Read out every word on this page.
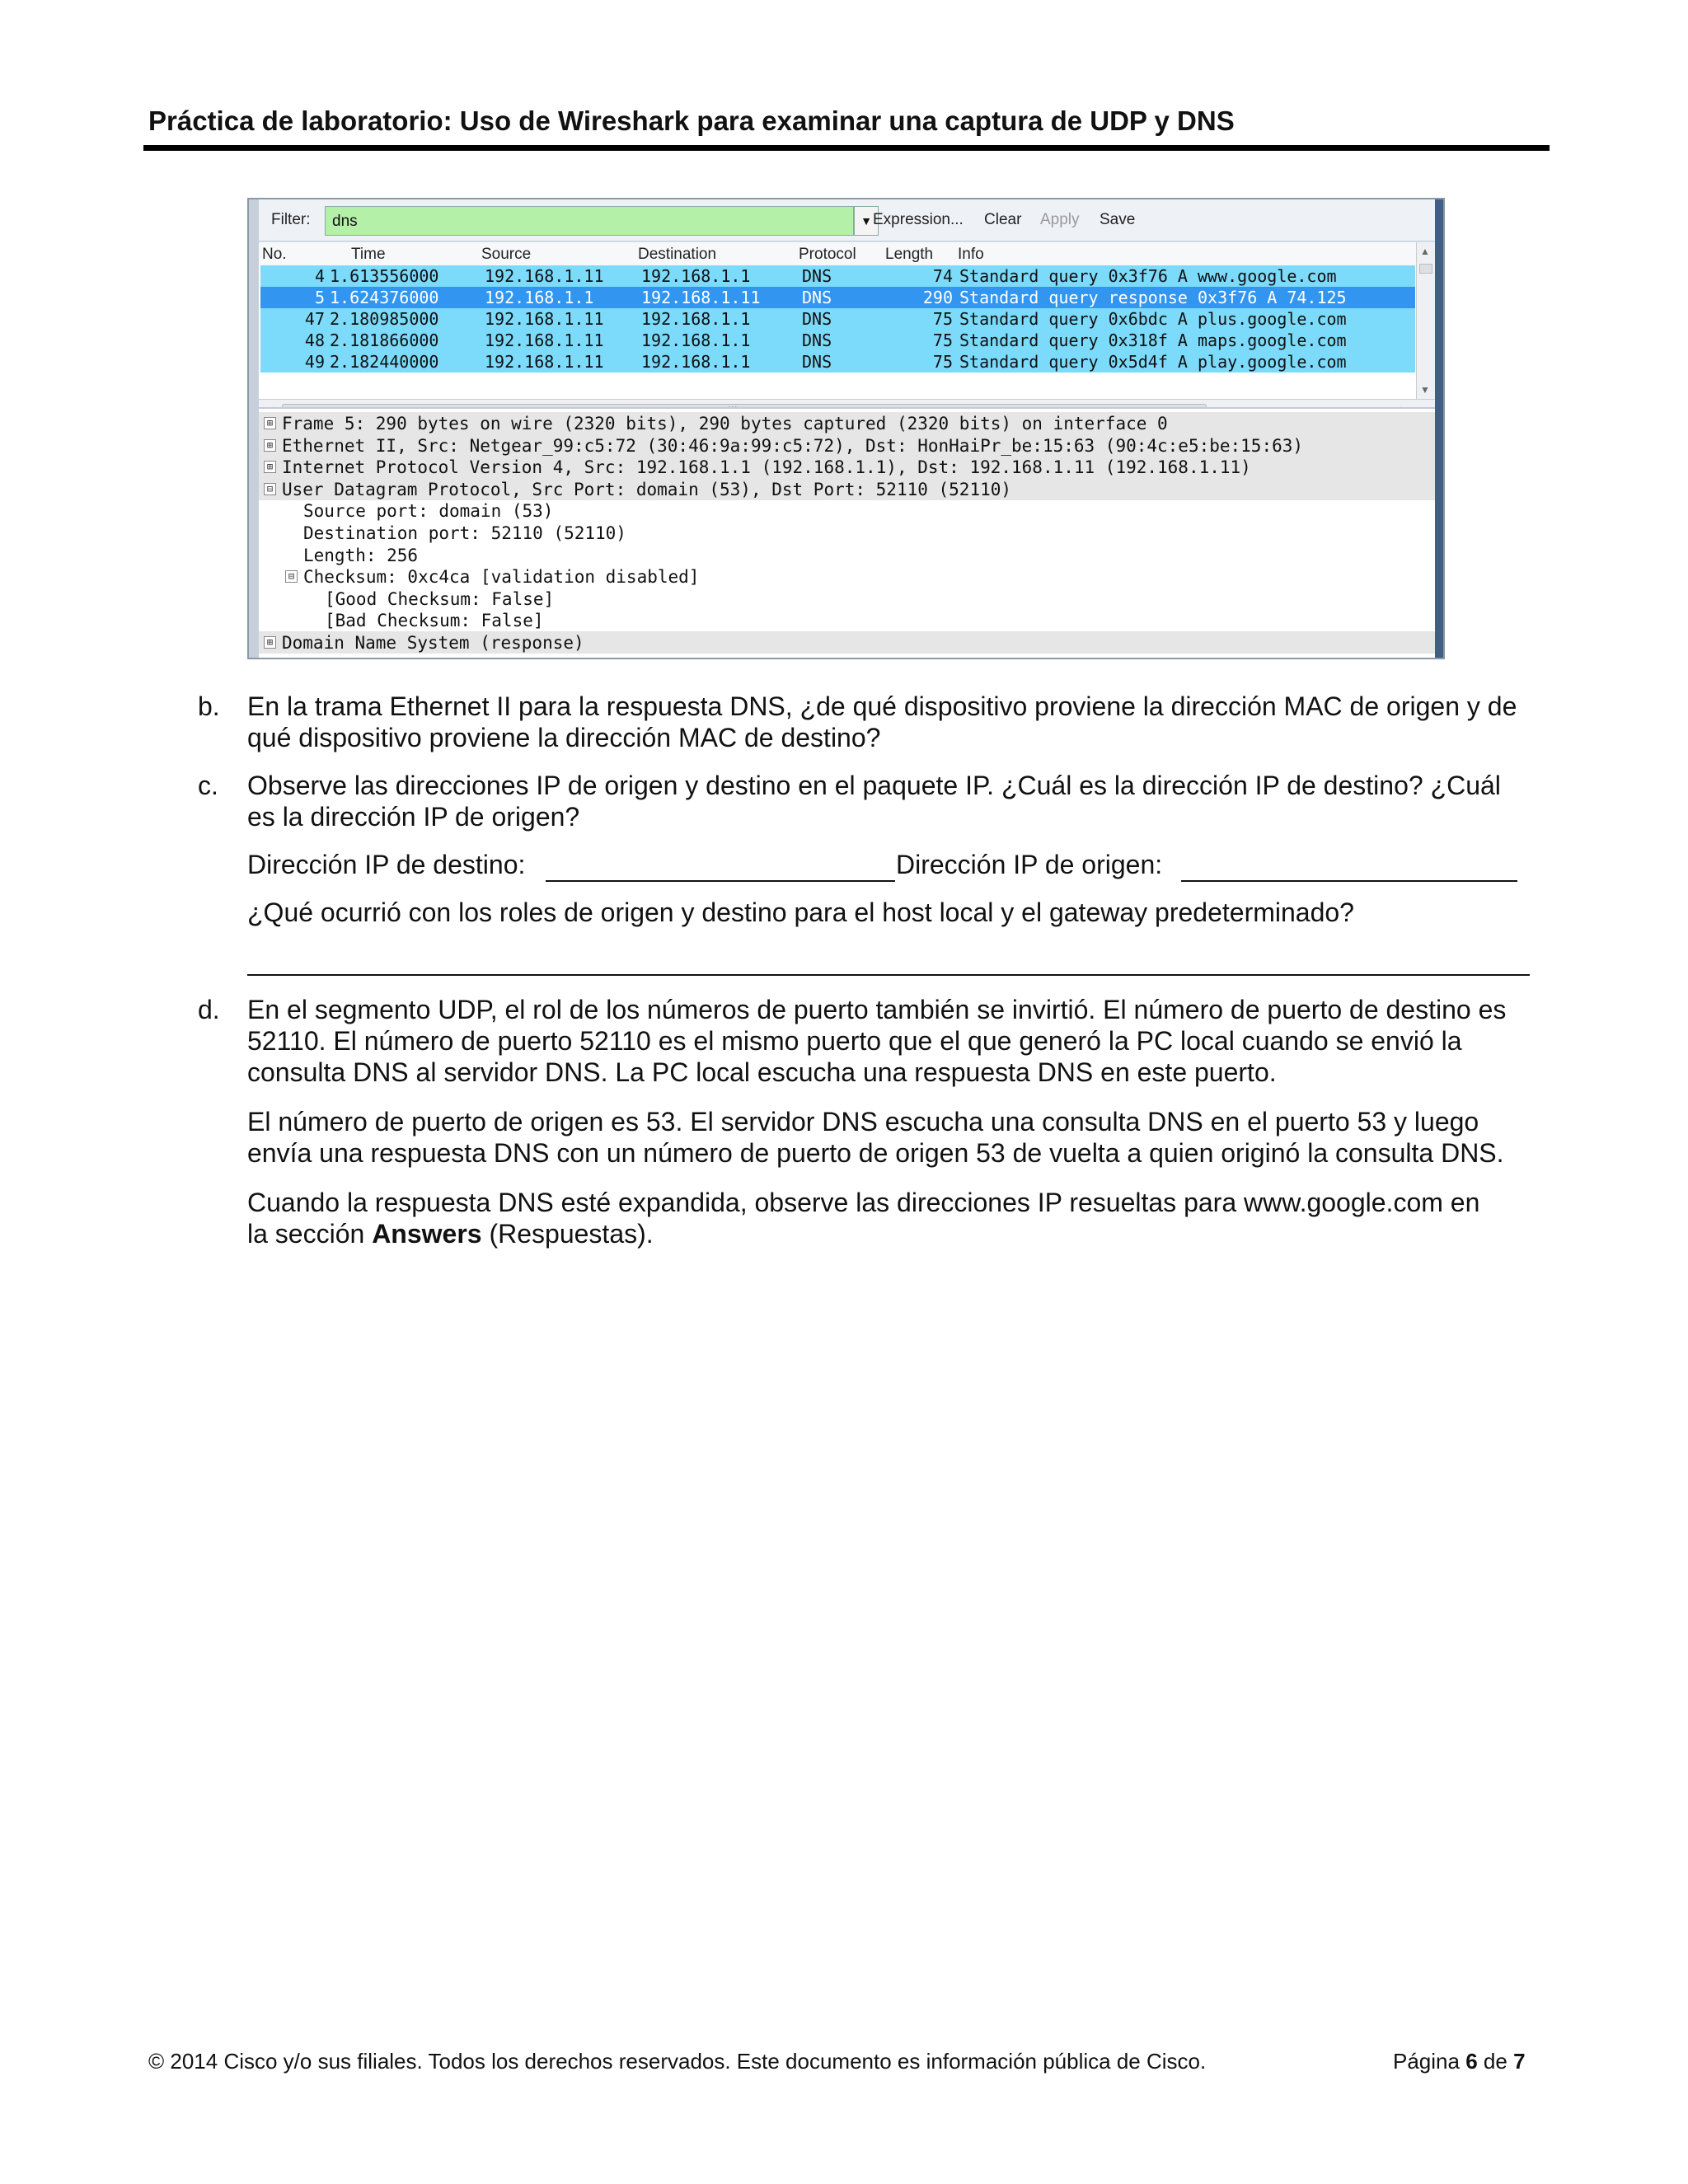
Práctica de laboratorio: Uso de Wireshark para examinar una captura de UDP y DNS
Filter:	dns	▼ Expression... Clear Apply Save
No.	Time	Source	Destination	Protocol Length Info
4 1.613556000	192.168.1.11 192.168.1.1	DNS	74 Standard query 0x3f76 A www.google.com
5 1.624376000	192.168.1.1	192.168.1.11	DNS	290 Standard query response 0x3f76 A 74.125
47 2.180985000	192.168.1.11 192.168.1.1	DNS	75 Standard query 0x6bdc A plus.google.com
48 2.181866000	192.168.1.11 192.168.1.1	DNS	75 Standard query 0x318f A maps.google.com
49 2.182440000	192.168.1.11 192.168.1.1	DNS	75 Standard query 0x5d4f A play.google.com
▲
▼
⊞ Frame 5: 290 bytes on wire (2320 bits), 290 bytes captured (2320 bits) on interface 0
⊞ Ethernet II, Src: Netgear_99:c5:72 (30:46:9a:99:c5:72), Dst: HonHaiPr_be:15:63 (90:4c:e5:be:15:63)
⊞ Internet Protocol Version 4, Src: 192.168.1.1 (192.168.1.1), Dst: 192.168.1.11 (192.168.1.11)
⊟ User Datagram Protocol, Src Port: domain (53), Dst Port: 52110 (52110)
Source port: domain (53)
Destination port: 52110 (52110)
Length: 256
⊟ Checksum: 0xc4ca [validation disabled]
[Good Checksum: False]
[Bad Checksum: False]
⊞ Domain Name System (response)
b. En la trama Ethernet II para la respuesta DNS, ¿de qué dispositivo proviene la dirección MAC de origen y de qué dispositivo proviene la dirección MAC de destino?
c. Observe las direcciones IP de origen y destino en el paquete IP. ¿Cuál es la dirección IP de destino? ¿Cuál es la dirección IP de origen?
Dirección IP de destino:	Dirección IP de origen:
¿Qué ocurrió con los roles de origen y destino para el host local y el gateway predeterminado?
d. En el segmento UDP, el rol de los números de puerto también se invirtió. El número de puerto de destino es 52110. El número de puerto 52110 es el mismo puerto que el que generó la PC local cuando se envió la consulta DNS al servidor DNS. La PC local escucha una respuesta DNS en este puerto.
El número de puerto de origen es 53. El servidor DNS escucha una consulta DNS en el puerto 53 y luego envía una respuesta DNS con un número de puerto de origen 53 de vuelta a quien originó la consulta DNS.
Cuando la respuesta DNS esté expandida, observe las direcciones IP resueltas para www.google.com en la sección Answers (Respuestas).
© 2014 Cisco y/o sus filiales. Todos los derechos reservados. Este documento es información pública de Cisco.	Página 6 de 7
